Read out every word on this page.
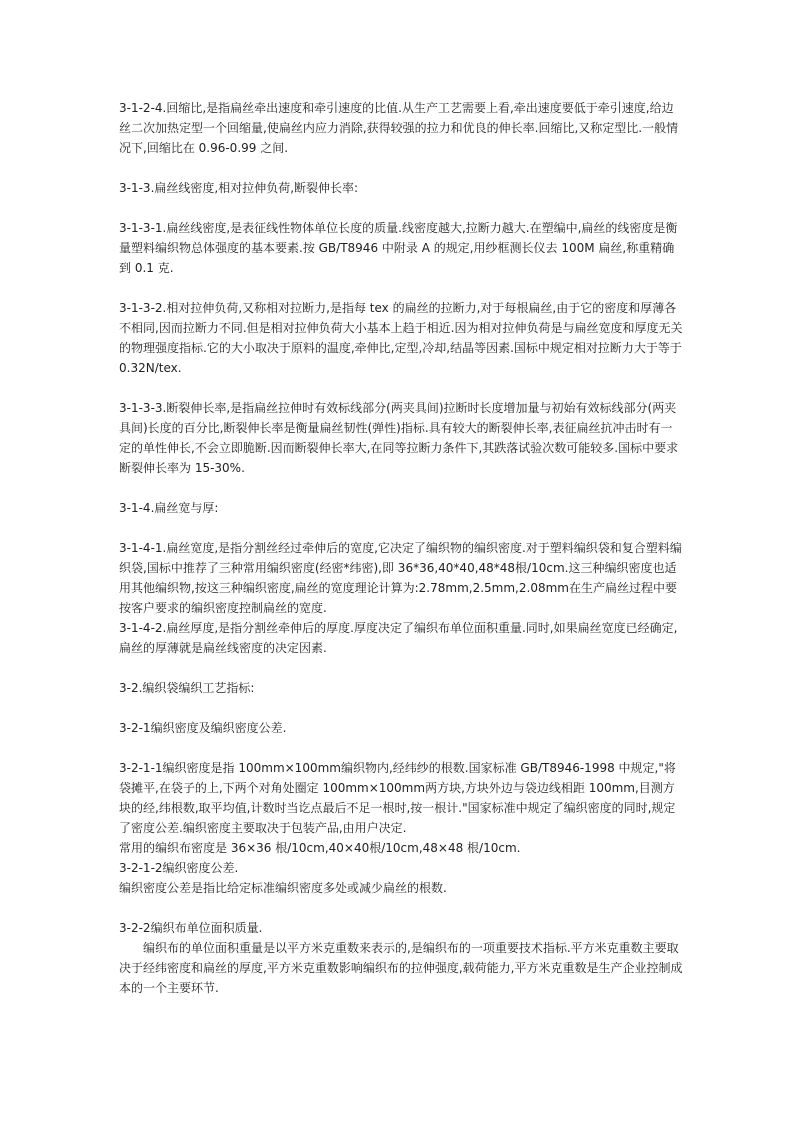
3-1-2-4.回缩比,是指扁丝牵出速度和牵引速度的比值.从生产工艺需要上看,牵出速度要低于牵引速度,给边丝二次加热定型一个回缩量,使扁丝内应力消除,获得较强的拉力和优良的伸长率.回缩比,又称定型比.一般情况下,回缩比在 0.96-0.99 之间.

3-1-3.扁丝线密度,相对拉伸负荷,断裂伸长率:

3-1-3-1.扁丝线密度,是表征线性物体单位长度的质量.线密度越大,拉断力越大.在塑编中,扁丝的线密度是衡量塑料编织物总体强度的基本要素.按 GB/T8946 中附录 A 的规定,用纱框测长仪去 100M 扁丝,称重精确到 0.1 克.

3-1-3-2.相对拉伸负荷,又称相对拉断力,是指每 tex 的扁丝的拉断力,对于每根扁丝,由于它的密度和厚薄各不相同,因而拉断力不同.但是相对拉伸负荷大小基本上趋于相近.因为相对拉伸负荷是与扁丝宽度和厚度无关的物理强度指标.它的大小取决于原料的温度,牵伸比,定型,冷却,结晶等因素.国标中规定相对拉断力大于等于 0.32N/tex.

3-1-3-3.断裂伸长率,是指扁丝拉伸时有效标线部分(两夹具间)拉断时长度增加量与初始有效标线部分(两夹具间)长度的百分比,断裂伸长率是衡量扁丝韧性(弹性)指标.具有较大的断裂伸长率,表征扁丝抗冲击时有一定的单性伸长,不会立即脆断.因而断裂伸长率大,在同等拉断力条件下,其跌落试验次数可能较多.国标中要求断裂伸长率为 15-30%.

3-1-4.扁丝宽与厚:

3-1-4-1.扁丝宽度,是指分割丝经过牵伸后的宽度,它决定了编织物的编织密度.对于塑料编织袋和复合塑料编织袋,国标中推荐了三种常用编织密度(经密*纬密),即 36*36,40*40,48*48根/10cm.这三种编织密度也适用其他编织物,按这三种编织密度,扁丝的宽度理论计算为:2.78mm,2.5mm,2.08mm在生产扁丝过程中要按客户要求的编织密度控制扁丝的宽度.

3-1-4-2.扁丝厚度,是指分割丝牵伸后的厚度.厚度决定了编织布单位面积重量.同时,如果扁丝宽度已经确定,扁丝的厚薄就是扁丝线密度的决定因素.

3-2.编织袋编织工艺指标:

3-2-1编织密度及编织密度公差.

3-2-1-1编织密度是指 100mm×100mm编织物内,经纬纱的根数.国家标准 GB/T8946-1998 中规定,"将袋摊平,在袋子的上,下两个对角处圈定 100mm×100mm两方块,方块外边与袋边线相距 100mm,目测方块的经,纬根数,取平均值,计数时当讫点最后不足一根时,按一根计."国家标准中规定了编织密度的同时,规定了密度公差.编织密度主要取决于包装产品,由用户决定.

常用的编织布密度是 36×36 根/10cm,40×40根/10cm,48×48 根/10cm.

3-2-1-2编织密度公差.

编织密度公差是指比给定标准编织密度多处或减少扁丝的根数.

3-2-2编织布单位面积质量.

编织布的单位面积重量是以平方米克重数来表示的,是编织布的一项重要技术指标.平方米克重数主要取决于经纬密度和扁丝的厚度,平方米克重数影响编织布的拉伸强度,载荷能力,平方米克重数是生产企业控制成本的一个主要环节.
